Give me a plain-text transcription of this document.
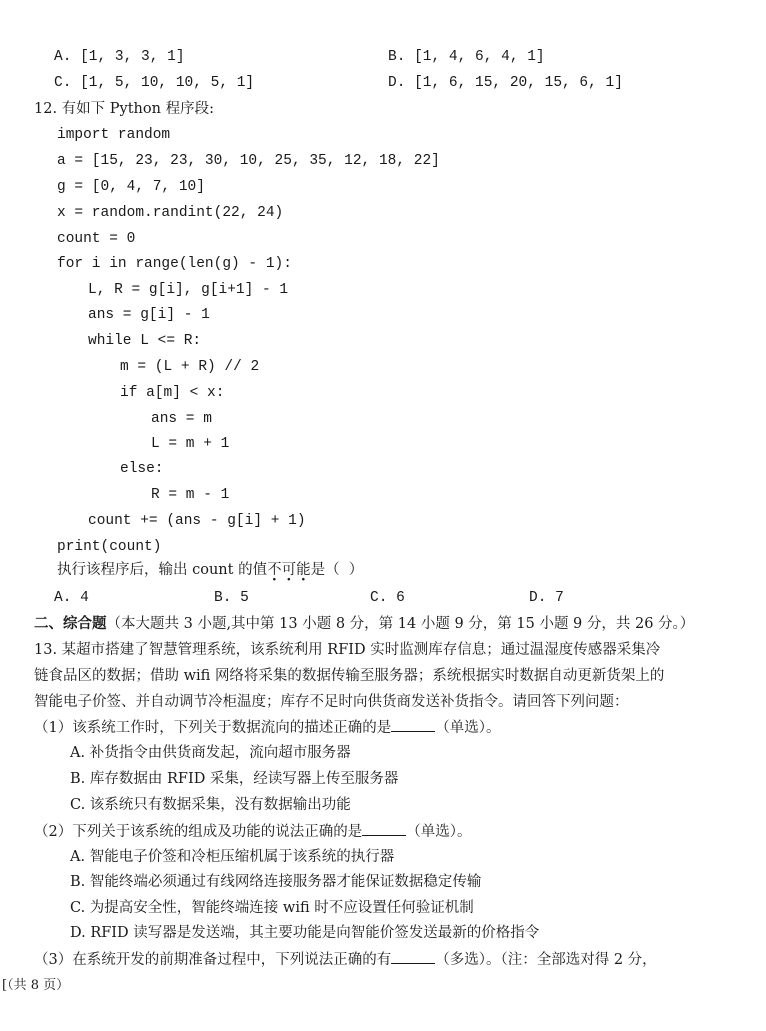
A. [1, 3, 3, 1]	B. [1, 4, 6, 4, 1]
C. [1, 5, 10, 10, 5, 1]	D. [1, 6, 15, 20, 15, 6, 1]
12. 有如下 Python 程序段:
import random
a = [15, 23, 23, 30, 10, 25, 35, 12, 18, 22]
g = [0, 4, 7, 10]
x = random.randint(22, 24)
count = 0
for i in range(len(g) - 1):
L, R = g[i], g[i+1] - 1
ans = g[i] - 1
while L <= R:
m = (L + R) // 2
if a[m] < x:
ans = m
L = m + 1
else:
R = m - 1
count += (ans - g[i] + 1)
print(count)
执行该程序后，输出 count 的值不可能是（  ）
A. 4	B. 5	C. 6	D. 7
二、综合题（本大题共 3 小题,其中第 13 小题 8 分，第 14 小题 9 分，第 15 小题 9 分，共 26 分。）
13. 某超市搭建了智慧管理系统，该系统利用 RFID 实时监测库存信息；通过温湿度传感器采集冷
链食品区的数据；借助 wifi 网络将采集的数据传输至服务器；系统根据实时数据自动更新货架上的
智能电子价签、并自动调节冷柜温度；库存不足时向供货商发送补货指令。请回答下列问题：
（1）该系统工作时，下列关于数据流向的描述正确的是	（单选）。
A. 补货指令由供货商发起，流向超市服务器
B. 库存数据由 RFID 采集，经读写器上传至服务器
C. 该系统只有数据采集，没有数据输出功能
（2）下列关于该系统的组成及功能的说法正确的是	（单选）。
A. 智能电子价签和冷柜压缩机属于该系统的执行器
B. 智能终端必须通过有线网络连接服务器才能保证数据稳定传输
C. 为提高安全性，智能终端连接 wifi 时不应设置任何验证机制
D. RFID 读写器是发送端，其主要功能是向智能价签发送最新的价格指令
（3）在系统开发的前期准备过程中，下列说法正确的有	（多选）。（注：全部选对得 2 分，
[（共 8 页）
